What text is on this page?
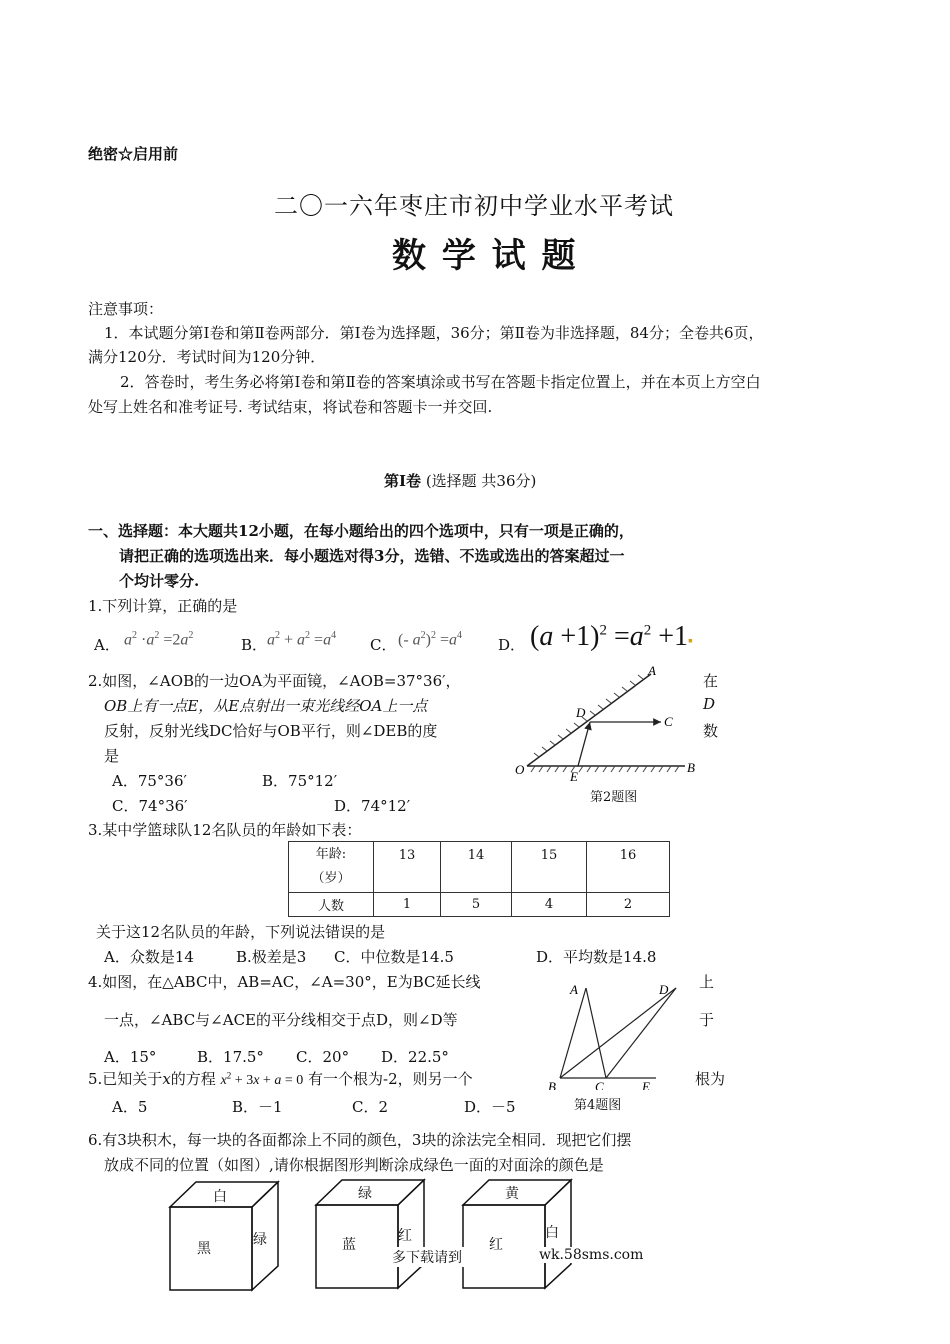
绝密☆启用前
二〇一六年枣庄市初中学业水平考试
数 学 试 题
注意事项：
1．本试题分第Ⅰ卷和第Ⅱ卷两部分．第Ⅰ卷为选择题，36分；第Ⅱ卷为非选择题，84分；全卷共6页，
满分120分．考试时间为120分钟．
2．答卷时，考生务必将第Ⅰ卷和第Ⅱ卷的答案填涂或书写在答题卡指定位置上，并在本页上方空白
处写上姓名和准考证号. 考试结束，将试卷和答题卡一并交回.
第Ⅰ卷 (选择题 共36分)
一、选择题：本大题共12小题，在每小题给出的四个选项中，只有一项是正确的，
请把正确的选项选出来．每小题选对得3分，选错、不选或选出的答案超过一
个均计零分.
1.下列计算，正确的是
A． $a^2 \cdot a^2 =2a^2$
B． $a^2 + a^2 =a^4$
C． (- $a^2)^2 =a^4$
D． $(a +1)^2 =a^2$ +1▪
2.如图，∠AOB的一边OA为平面镜，∠AOB=37°36′，	在
OB上有一点E，从E点射出一束光线经OA上一点	D
反射，反射光线DC恰好与OB平行，则∠DEB的度	数
是
A．75°36′	B．75°12′
C．74°36′	D．74°12′
A
B
C
D
E
O
第2题图
3.某中学篮球队12名队员的年龄如下表：
年龄:
（岁）	13	14	15	16
人数	1	5	4	2
关于这12名队员的年龄，下列说法错误的是
A．众数是14	B.极差是3 C．中位数是14.5	D．平均数是14.8
4.如图，在△ABC中，AB=AC，∠A=30°，E为BC延长线	上
一点，∠ABC与∠ACE的平分线相交于点D，则∠D等	于
A．15°	B．17.5° C．20° D．22.5°
A
B	C
D
E
第4题图
5.已知关于x的方程 $x^2 + 3x + a = 0$ 有一个根为-2，则另一个	根为
A．5	B．－1	C．2	D．－5
6.有3块积木，每一块的各面都涂上不同的颜色，3块的涂法完全相同．现把它们摆
放成不同的位置（如图）,请你根据图形判断涂成绿色一面的对面涂的颜色是
白
黑
绿
绿
蓝
红
黄
红
白
多下载请到	wk.58sms.com
